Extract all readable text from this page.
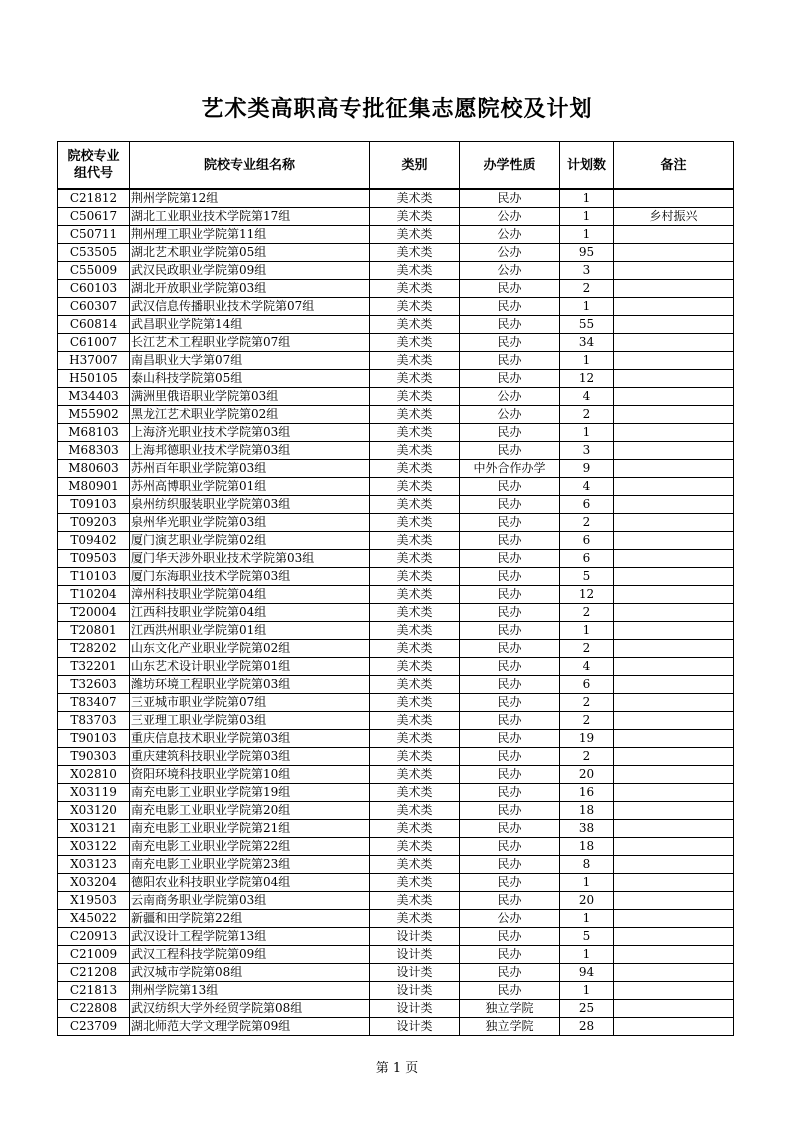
艺术类高职高专批征集志愿院校及计划
院校专业组代号	院校专业组名称	类别	办学性质	计划数	备注
C21812	荆州学院第12组	美术类	民办	1	
C50617	湖北工业职业技术学院第17组	美术类	公办	1	乡村振兴
C50711	荆州理工职业学院第11组	美术类	公办	1	
C53505	湖北艺术职业学院第05组	美术类	公办	95	
C55009	武汉民政职业学院第09组	美术类	公办	3	
C60103	湖北开放职业学院第03组	美术类	民办	2	
C60307	武汉信息传播职业技术学院第07组	美术类	民办	1	
C60814	武昌职业学院第14组	美术类	民办	55	
C61007	长江艺术工程职业学院第07组	美术类	民办	34	
H37007	南昌职业大学第07组	美术类	民办	1	
H50105	泰山科技学院第05组	美术类	民办	12	
M34403	满洲里俄语职业学院第03组	美术类	公办	4	
M55902	黑龙江艺术职业学院第02组	美术类	公办	2	
M68103	上海济光职业技术学院第03组	美术类	民办	1	
M68303	上海邦德职业技术学院第03组	美术类	民办	3	
M80603	苏州百年职业学院第03组	美术类	中外合作办学	9	
M80901	苏州高博职业学院第01组	美术类	民办	4	
T09103	泉州纺织服装职业学院第03组	美术类	民办	6	
T09203	泉州华光职业学院第03组	美术类	民办	2	
T09402	厦门演艺职业学院第02组	美术类	民办	6	
T09503	厦门华天涉外职业技术学院第03组	美术类	民办	6	
T10103	厦门东海职业技术学院第03组	美术类	民办	5	
T10204	漳州科技职业学院第04组	美术类	民办	12	
T20004	江西科技职业学院第04组	美术类	民办	2	
T20801	江西洪州职业学院第01组	美术类	民办	1	
T28202	山东文化产业职业学院第02组	美术类	民办	2	
T32201	山东艺术设计职业学院第01组	美术类	民办	4	
T32603	潍坊环境工程职业学院第03组	美术类	民办	6	
T83407	三亚城市职业学院第07组	美术类	民办	2	
T83703	三亚理工职业学院第03组	美术类	民办	2	
T90103	重庆信息技术职业学院第03组	美术类	民办	19	
T90303	重庆建筑科技职业学院第03组	美术类	民办	2	
X02810	资阳环境科技职业学院第10组	美术类	民办	20	
X03119	南充电影工业职业学院第19组	美术类	民办	16	
X03120	南充电影工业职业学院第20组	美术类	民办	18	
X03121	南充电影工业职业学院第21组	美术类	民办	38	
X03122	南充电影工业职业学院第22组	美术类	民办	18	
X03123	南充电影工业职业学院第23组	美术类	民办	8	
X03204	德阳农业科技职业学院第04组	美术类	民办	1	
X19503	云南商务职业学院第03组	美术类	民办	20	
X45022	新疆和田学院第22组	美术类	公办	1	
C20913	武汉设计工程学院第13组	设计类	民办	5	
C21009	武汉工程科技学院第09组	设计类	民办	1	
C21208	武汉城市学院第08组	设计类	民办	94	
C21813	荆州学院第13组	设计类	民办	1	
C22808	武汉纺织大学外经贸学院第08组	设计类	独立学院	25	
C23709	湖北师范大学文理学院第09组	设计类	独立学院	28	
第 1 页
